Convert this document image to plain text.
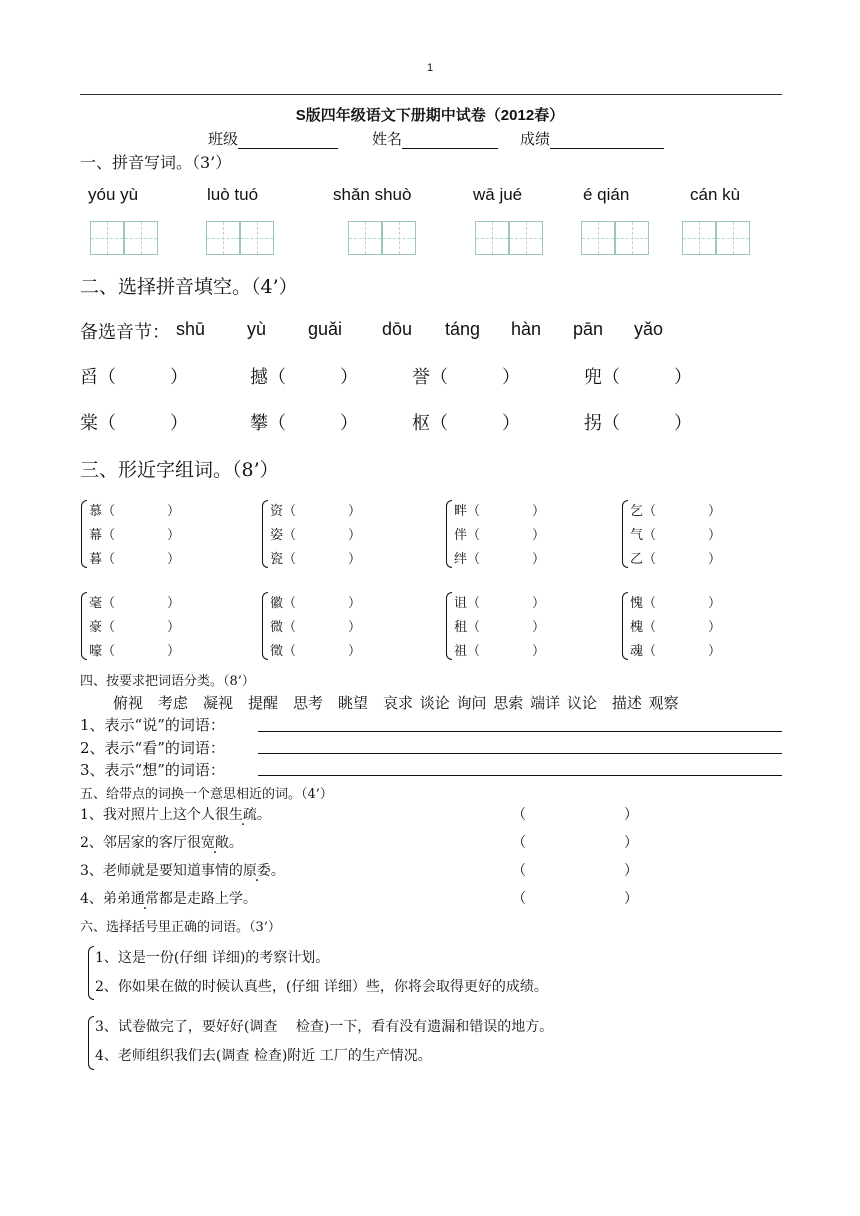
1
S版四年级语文下册期中试卷（2012春）
班级	姓名	成绩
一、拼音写词。（3’）
yóu yù	luò tuó	shǎn shuò	wā jué	é qián	cán kù
二、选择拼音填空。（4’）
备选音节： shū yù guǎi dōu táng hàn pān yǎo
舀（　　　）	撼（　　　）	誉（　　　）	兜（　　　）
棠（　　　）	攀（　　　）	枢（　　　）	拐（　　　）
三、形近字组词。（8’）
慕（　　　　）
幕（　　　　）
暮（　　　　）
资（　　　　）
姿（　　　　）
瓷（　　　　）
畔（　　　　）
伴（　　　　）
绊（　　　　）
乞（　　　　）
气（　　　　）
乙（　　　　）
毫（　　　　）
豪（　　　　）
嚎（　　　　）
徽（　　　　）
微（　　　　）
徵（　　　　）
诅（　　　　）
租（　　　　）
祖（　　　　）
愧（　　　　）
槐（　　　　）
魂（　　　　）
四、按要求把词语分类。（8’）
俯视　考虑　凝视　提醒　思考　眺望　哀求 谈论 询问 思索 端详 议论　描述 观察
1、表示“说”的词语：
2、表示“看”的词语：
3、表示“想”的词语：
五、给带点的词换一个意思相近的词。（4’）
1、我对照片上这个人很生疏。	（　　　　　　　）
2、邻居家的客厅很宽敞。	（　　　　　　　）
3、老师就是要知道事情的原委。	（　　　　　　　）
4、弟弟通常都是走路上学。	（　　　　　　　）
六、选择括号里正确的词语。（3’）
1、这是一份(仔细 详细)的考察计划。
2、你如果在做的时候认真些，(仔细 详细）些，你将会取得更好的成绩。
3、试卷做完了，要好好(调查　 检查)一下，看有没有遗漏和错误的地方。
4、老师组织我们去(调查 检查)附近 工厂的生产情况。
